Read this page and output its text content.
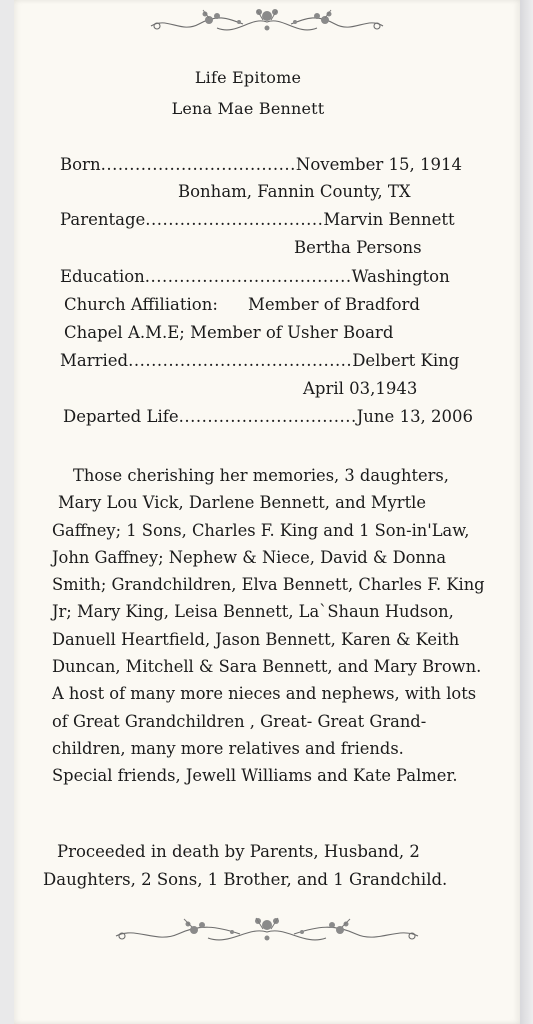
Life Epitome
Lena Mae Bennett
Born..................................November 15, 1914
Bonham, Fannin County, TX
Parentage...............................Marvin Bennett
Bertha Persons
Education....................................Washington
Church Affiliation: Member of Bradford
Chapel A.M.E; Member of Usher Board
Married.......................................Delbert King
April 03,1943
Departed Life...............................June 13, 2006
Those cherishing her memories, 3 daughters,
Mary Lou Vick, Darlene Bennett, and Myrtle
Gaffney; 1 Sons, Charles F. King and 1 Son-in'Law,
John Gaffney; Nephew & Niece, David & Donna
Smith; Grandchildren, Elva Bennett, Charles F. King
Jr; Mary King, Leisa Bennett, La`Shaun Hudson,
Danuell Heartfield, Jason Bennett, Karen & Keith
Duncan, Mitchell & Sara Bennett, and Mary Brown.
A host of many more nieces and nephews, with lots
of Great Grandchildren , Great- Great Grand-
children, many more relatives and friends.
Special friends, Jewell Williams and Kate Palmer.
Proceeded in death by Parents, Husband, 2
Daughters, 2 Sons, 1 Brother, and 1 Grandchild.
